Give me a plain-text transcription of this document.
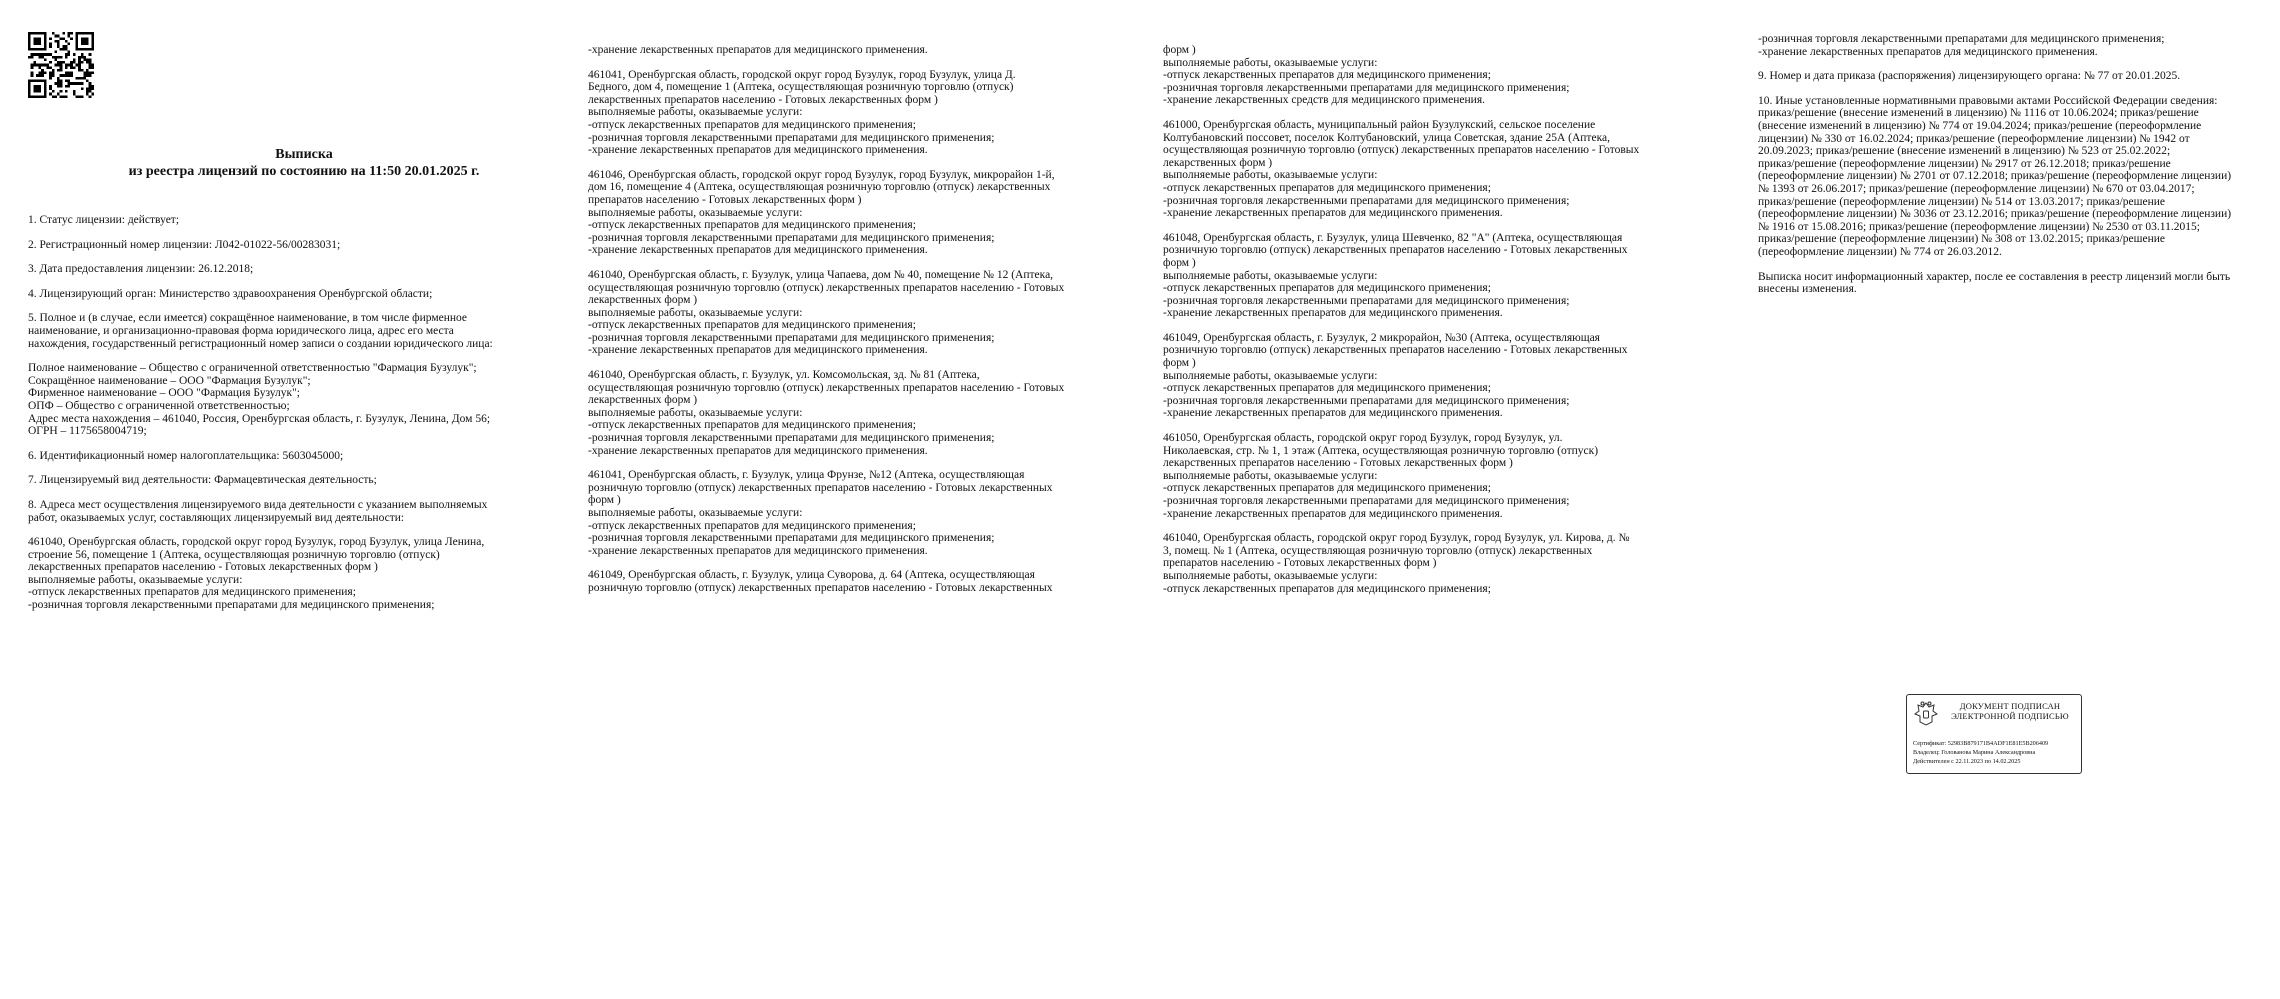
Выписка
из реестра лицензий по состоянию на 11:50 20.01.2025 г.

1. Статус лицензии: действует;

2. Регистрационный номер лицензии: Л042-01022-56/00283031;

3. Дата предоставления лицензии: 26.12.2018;

4. Лицензирующий орган: Министерство здравоохранения Оренбургской области;

5. Полное и (в случае, если имеется) сокращённое наименование, в том числе фирменное
наименование, и организационно-правовая форма юридического лица, адрес его места
нахождения, государственный регистрационный номер записи о создании юридического лица:

Полное наименование – Общество с ограниченной ответственностью "Фармация Бузулук";
Сокращённое наименование – ООО "Фармация Бузулук";
Фирменное наименование – ООО "Фармация Бузулук";
ОПФ – Общество с ограниченной ответственностью;
Адрес места нахождения – 461040, Россия, Оренбургская область, г. Бузулук, Ленина, Дом 56;
ОГРН – 1175658004719;

6. Идентификационный номер налогоплательщика: 5603045000;

7. Лицензируемый вид деятельности: Фармацевтическая деятельность;

8. Адреса мест осуществления лицензируемого вида деятельности с указанием выполняемых
работ, оказываемых услуг, составляющих лицензируемый вид деятельности:

461040, Оренбургская область, городской округ город Бузулук, город Бузулук, улица Ленина,
строение 56, помещение 1 (Аптека, осуществляющая розничную торговлю (отпуск)
лекарственных препаратов населению - Готовых лекарственных форм )
выполняемые работы, оказываемые услуги:
-отпуск лекарственных препаратов для медицинского применения;
-розничная торговля лекарственными препаратами для медицинского применения;

-хранение лекарственных препаратов для медицинского применения.

461041, Оренбургская область, городской округ город Бузулук, город Бузулук, улица Д.
Бедного, дом 4, помещение 1 (Аптека, осуществляющая розничную торговлю (отпуск)
лекарственных препаратов населению - Готовых лекарственных форм )
выполняемые работы, оказываемые услуги:
-отпуск лекарственных препаратов для медицинского применения;
-розничная торговля лекарственными препаратами для медицинского применения;
-хранение лекарственных препаратов для медицинского применения.

461046, Оренбургская область, городской округ город Бузулук, город Бузулук, микрорайон 1-й,
дом 16, помещение 4 (Аптека, осуществляющая розничную торговлю (отпуск) лекарственных
препаратов населению - Готовых лекарственных форм )
выполняемые работы, оказываемые услуги:
-отпуск лекарственных препаратов для медицинского применения;
-розничная торговля лекарственными препаратами для медицинского применения;
-хранение лекарственных препаратов для медицинского применения.

461040, Оренбургская область, г. Бузулук, улица Чапаева, дом № 40, помещение № 12 (Аптека,
осуществляющая розничную торговлю (отпуск) лекарственных препаратов населению - Готовых
лекарственных форм )
выполняемые работы, оказываемые услуги:
-отпуск лекарственных препаратов для медицинского применения;
-розничная торговля лекарственными препаратами для медицинского применения;
-хранение лекарственных препаратов для медицинского применения.

461040, Оренбургская область, г. Бузулук, ул. Комсомольская, зд. № 81 (Аптека,
осуществляющая розничную торговлю (отпуск) лекарственных препаратов населению - Готовых
лекарственных форм )
выполняемые работы, оказываемые услуги:
-отпуск лекарственных препаратов для медицинского применения;
-розничная торговля лекарственными препаратами для медицинского применения;
-хранение лекарственных препаратов для медицинского применения.

461041, Оренбургская область, г. Бузулук, улица Фрунзе, №12 (Аптека, осуществляющая
розничную торговлю (отпуск) лекарственных препаратов населению - Готовых лекарственных
форм )
выполняемые работы, оказываемые услуги:
-отпуск лекарственных препаратов для медицинского применения;
-розничная торговля лекарственными препаратами для медицинского применения;
-хранение лекарственных препаратов для медицинского применения.

461049, Оренбургская область, г. Бузулук, улица Суворова, д. 64 (Аптека, осуществляющая
розничную торговлю (отпуск) лекарственных препаратов населению - Готовых лекарственных

форм )
выполняемые работы, оказываемые услуги:
-отпуск лекарственных препаратов для медицинского применения;
-розничная торговля лекарственными препаратами для медицинского применения;
-хранение лекарственных средств для медицинского применения.

461000, Оренбургская область, муниципальный район Бузулукский, сельское поселение
Колтубановский поссовет, поселок Колтубановский, улица Советская, здание 25А (Аптека,
осуществляющая розничную торговлю (отпуск) лекарственных препаратов населению - Готовых
лекарственных форм )
выполняемые работы, оказываемые услуги:
-отпуск лекарственных препаратов для медицинского применения;
-розничная торговля лекарственными препаратами для медицинского применения;
-хранение лекарственных препаратов для медицинского применения.

461048, Оренбургская область, г. Бузулук, улица Шевченко, 82 "А" (Аптека, осуществляющая
розничную торговлю (отпуск) лекарственных препаратов населению - Готовых лекарственных
форм )
выполняемые работы, оказываемые услуги:
-отпуск лекарственных препаратов для медицинского применения;
-розничная торговля лекарственными препаратами для медицинского применения;
-хранение лекарственных препаратов для медицинского применения.

461049, Оренбургская область, г. Бузулук, 2 микрорайон, №30 (Аптека, осуществляющая
розничную торговлю (отпуск) лекарственных препаратов населению - Готовых лекарственных
форм )
выполняемые работы, оказываемые услуги:
-отпуск лекарственных препаратов для медицинского применения;
-розничная торговля лекарственными препаратами для медицинского применения;
-хранение лекарственных препаратов для медицинского применения.

461050, Оренбургская область, городской округ город Бузулук, город Бузулук, ул.
Николаевская, стр. № 1, 1 этаж (Аптека, осуществляющая розничную торговлю (отпуск)
лекарственных препаратов населению - Готовых лекарственных форм )
выполняемые работы, оказываемые услуги:
-отпуск лекарственных препаратов для медицинского применения;
-розничная торговля лекарственными препаратами для медицинского применения;
-хранение лекарственных препаратов для медицинского применения.

461040, Оренбургская область, городской округ город Бузулук, город Бузулук, ул. Кирова, д. №
3, помещ. № 1 (Аптека, осуществляющая розничную торговлю (отпуск) лекарственных
препаратов населению - Готовых лекарственных форм )
выполняемые работы, оказываемые услуги:
-отпуск лекарственных препаратов для медицинского применения;

-розничная торговля лекарственными препаратами для медицинского применения;
-хранение лекарственных препаратов для медицинского применения.

9. Номер и дата приказа (распоряжения) лицензирующего органа: № 77 от 20.01.2025.

10. Иные установленные нормативными правовыми актами Российской Федерации сведения:
приказ/решение (внесение изменений в лицензию) № 1116 от 10.06.2024; приказ/решение
(внесение изменений в лицензию) № 774 от 19.04.2024; приказ/решение (переоформление
лицензии) № 330 от 16.02.2024; приказ/решение (переоформление лицензии) № 1942 от
20.09.2023; приказ/решение (внесение изменений в лицензию) № 523 от 25.02.2022;
приказ/решение (переоформление лицензии) № 2917 от 26.12.2018; приказ/решение
(переоформление лицензии) № 2701 от 07.12.2018; приказ/решение (переоформление лицензии)
№ 1393 от 26.06.2017; приказ/решение (переоформление лицензии) № 670 от 03.04.2017;
приказ/решение (переоформление лицензии) № 514 от 13.03.2017; приказ/решение
(переоформление лицензии) № 3036 от 23.12.2016; приказ/решение (переоформление лицензии)
№ 1916 от 15.08.2016; приказ/решение (переоформление лицензии) № 2530 от 03.11.2015;
приказ/решение (переоформление лицензии) № 308 от 13.02.2015; приказ/решение
(переоформление лицензии) № 774 от 26.03.2012.

Выписка носит информационный характер, после ее составления в реестр лицензий могли быть
внесены изменения.

ДОКУМЕНТ ПОДПИСАН
ЭЛЕКТРОННОЙ ПОДПИСЬЮ
Сертификат: 52983B879171B4ADF1E81E5B206409
Владелец: Голованова Марина Александровна
Действителен с 22.11.2023 по 14.02.2025
